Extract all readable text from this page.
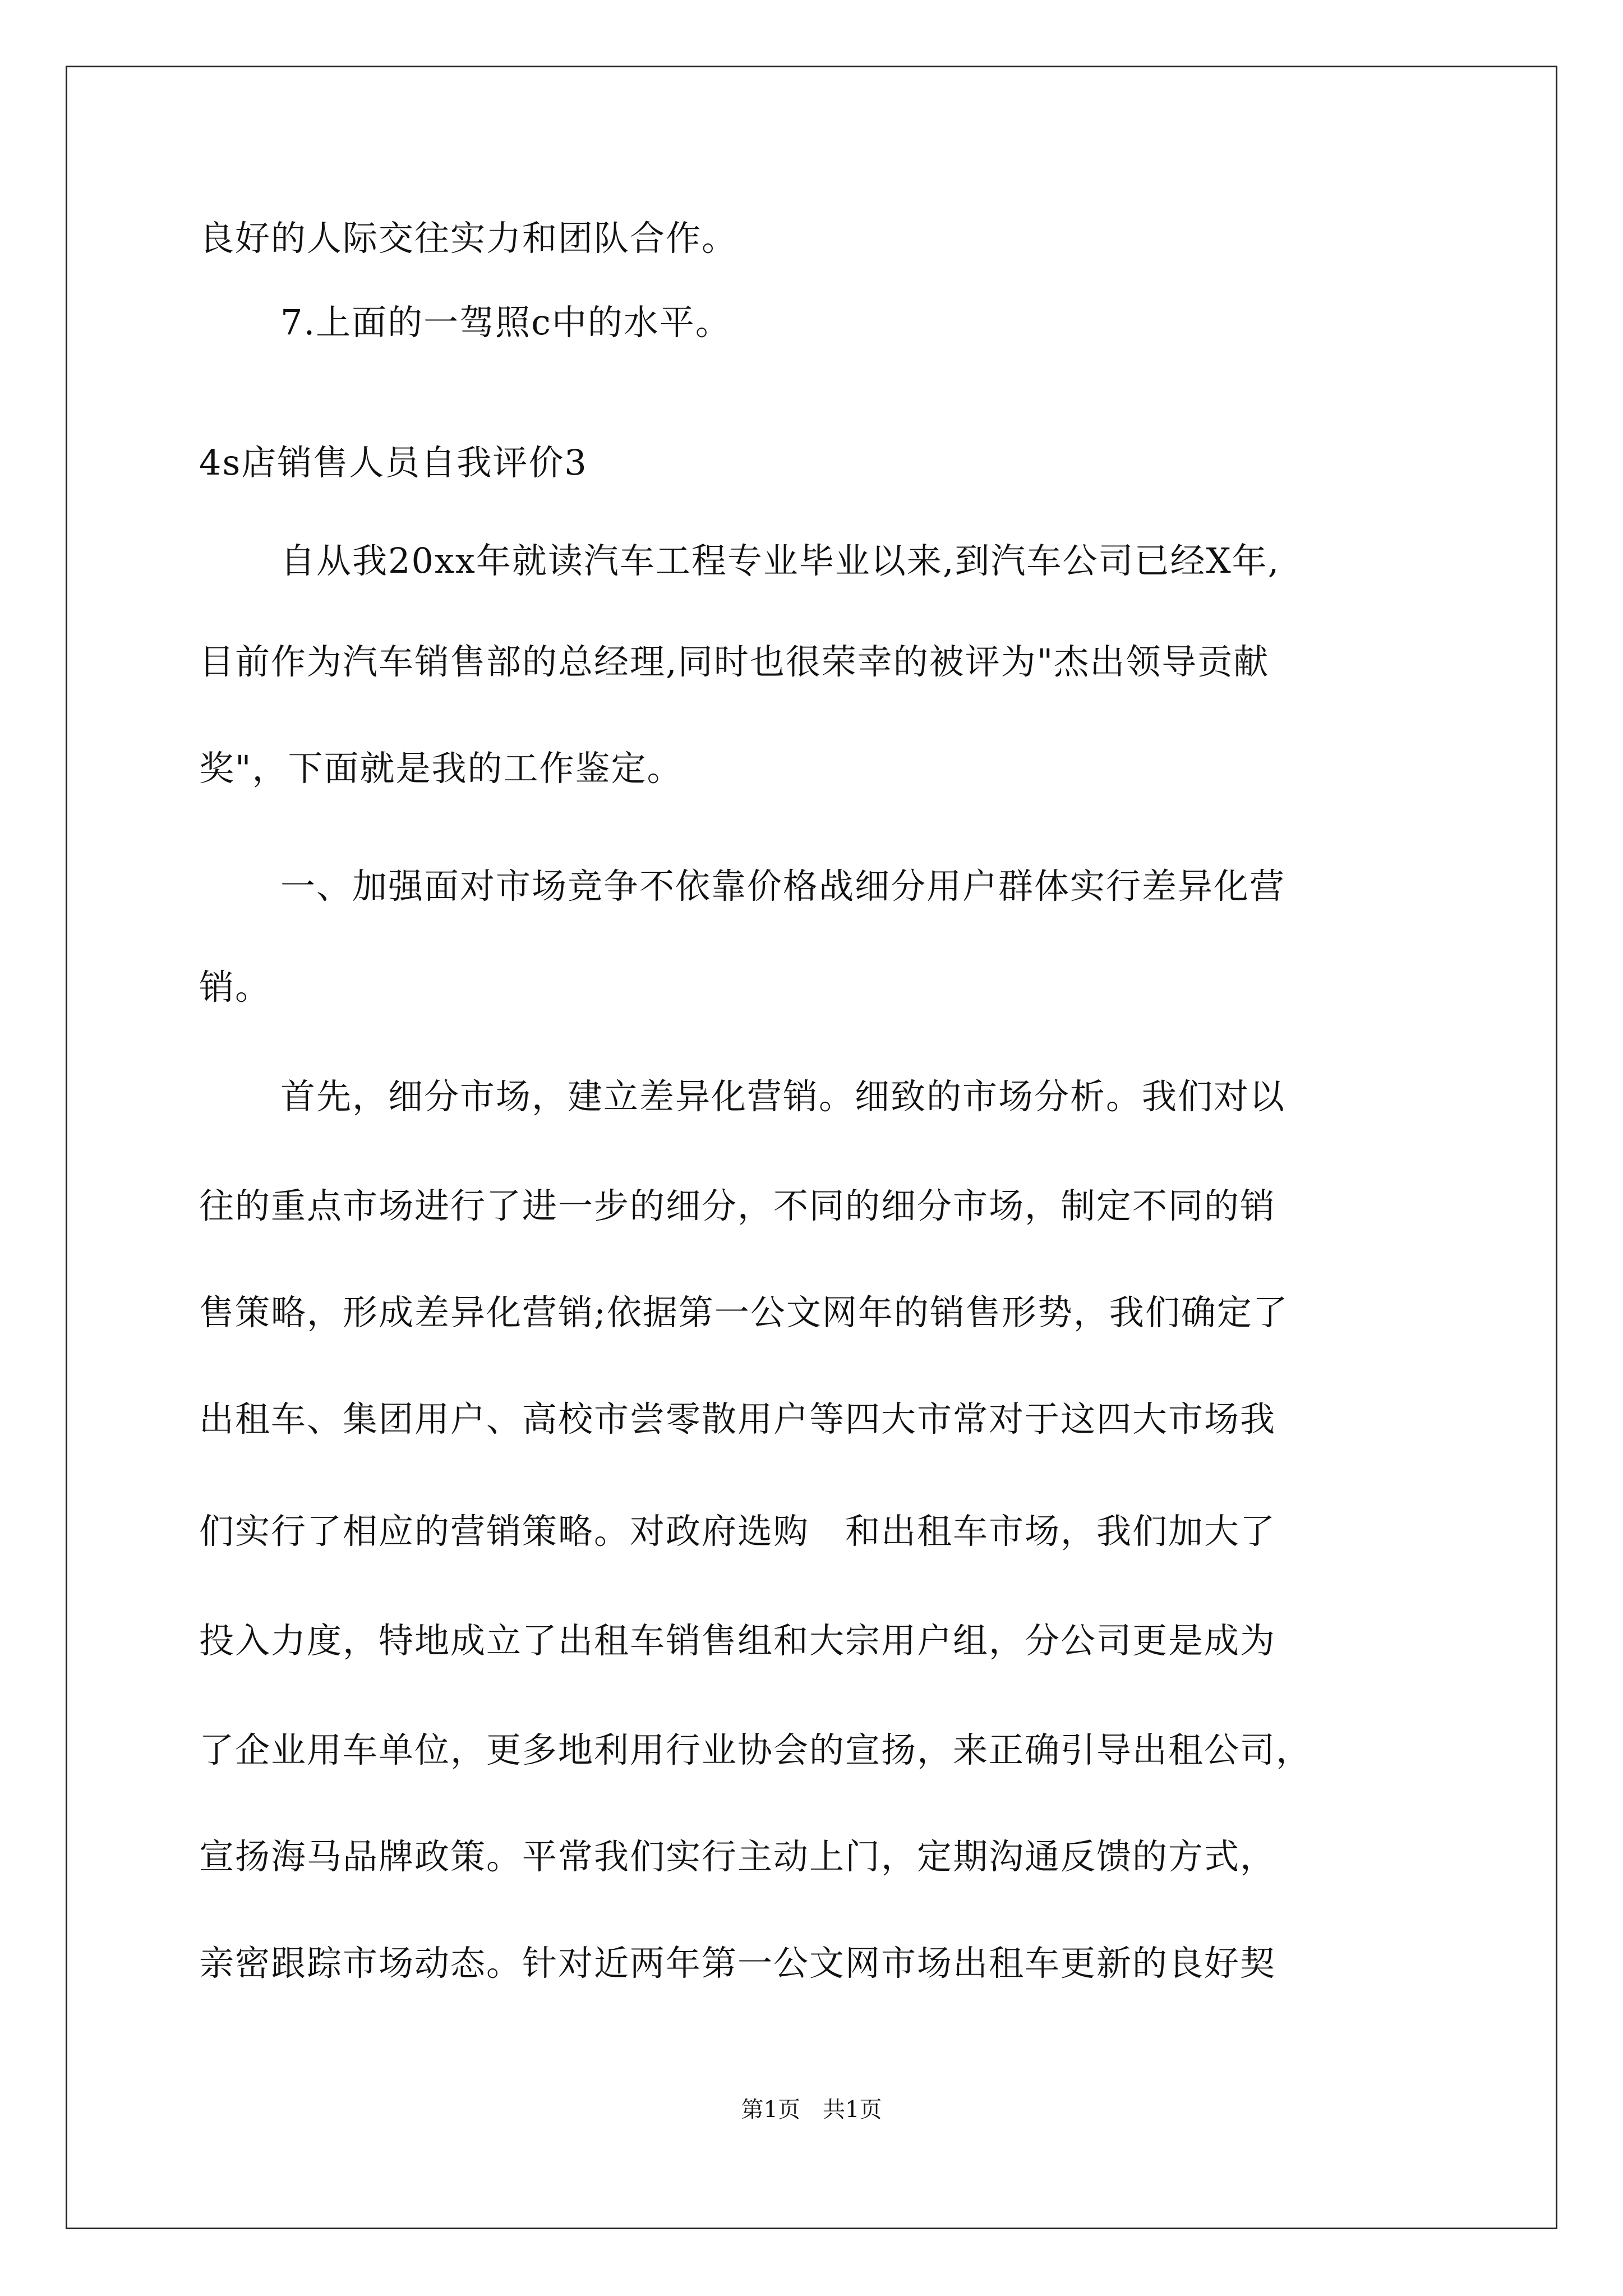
良好的人际交往实力和团队合作。
7.上面的一驾照c中的水平。
4s店销售人员自我评价3
自从我20xx年就读汽车工程专业毕业以来,到汽车公司已经X年,
目前作为汽车销售部的总经理,同时也很荣幸的被评为"杰出领导贡献
奖"，下面就是我的工作鉴定。
一、加强面对市场竞争不依靠价格战细分用户群体实行差异化营
销。
首先，细分市场，建立差异化营销。细致的市场分析。我们对以
往的重点市场进行了进一步的细分，不同的细分市场，制定不同的销
售策略，形成差异化营销;依据第一公文网年的销售形势，我们确定了
出租车、集团用户、高校市尝零散用户等四大市常对于这四大市场我
们实行了相应的营销策略。对政府选购　和出租车市场，我们加大了
投入力度，特地成立了出租车销售组和大宗用户组，分公司更是成为
了企业用车单位，更多地利用行业协会的宣扬，来正确引导出租公司，
宣扬海马品牌政策。平常我们实行主动上门，定期沟通反馈的方式，
亲密跟踪市场动态。针对近两年第一公文网市场出租车更新的良好契
第1页　共1页
